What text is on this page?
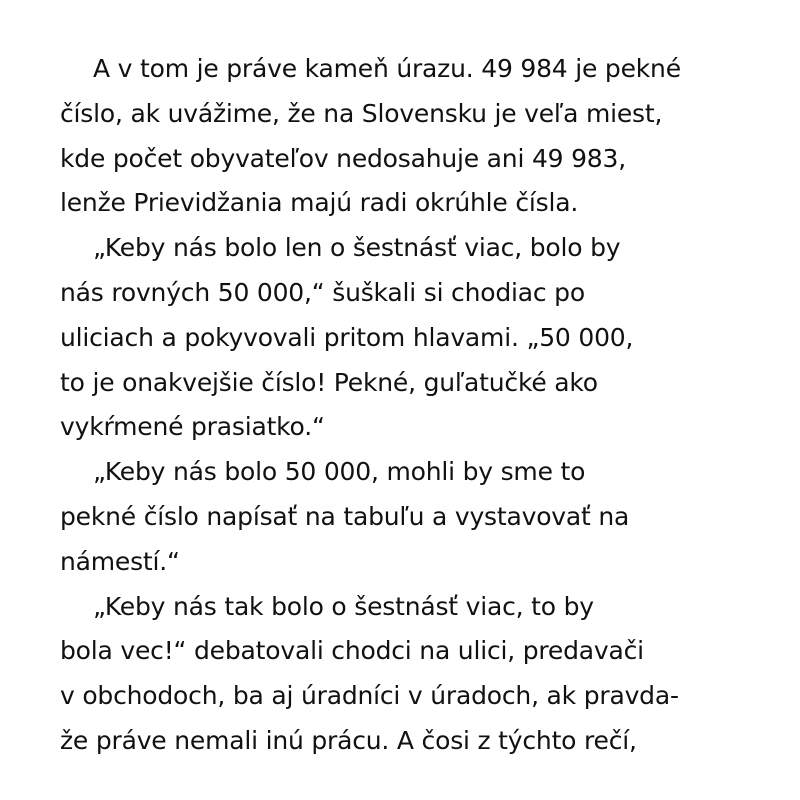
A v tom je práve kameň úrazu. 49 984 je pekné
číslo, ak uvážime, že na Slovensku je veľa miest,
kde počet obyvateľov nedosahuje ani 49 983,
lenže Prievidžania majú radi okrúhle čísla.
„Keby nás bolo len o šestnásť viac, bolo by
nás rovných 50 000,“ šuškali si chodiac po
uliciach a pokyvovali pritom hlavami. „50 000,
to je onakvejšie číslo! Pekné, guľatučké ako
vykŕmené prasiatko.“
„Keby nás bolo 50 000, mohli by sme to
pekné číslo napísať na tabuľu a vystavovať na
námestí.“
„Keby nás tak bolo o šestnásť viac, to by
bola vec!“ debatovali chodci na ulici, predavači
v obchodoch, ba aj úradníci v úradoch, ak pravda-
že práve nemali inú prácu. A čosi z týchto rečí,
